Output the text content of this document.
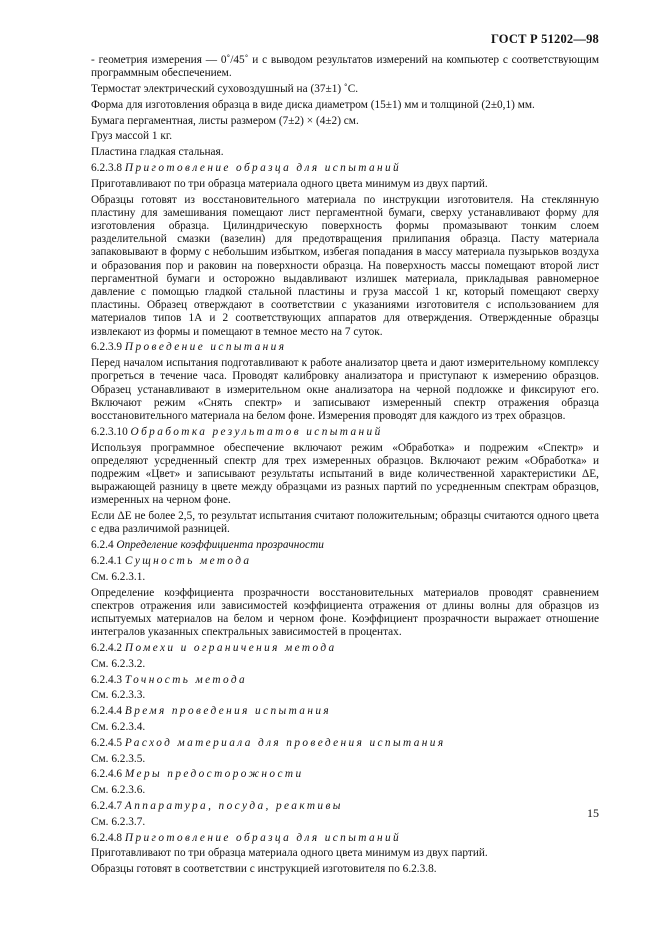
ГОСТ Р 51202—98

- геометрия измерения — 0˚/45˚ и с выводом результатов измерений на компьютер с соответствующим программным обеспечением.

Термостат электрический суховоздушный на (37±1) ˚С.

Форма для изготовления образца в виде диска диаметром (15±1) мм и толщиной (2±0,1) мм.

Бумага пергаментная, листы размером (7±2) × (4±2) см.

Груз массой 1 кг.

Пластина гладкая стальная.

6.2.3.8 Приготовление образца для испытаний

Приготавливают по три образца материала одного цвета минимум из двух партий.

Образцы готовят из восстановительного материала по инструкции изготовителя. На стеклянную пластину для замешивания помещают лист пергаментной бумаги, сверху устанавливают форму для изготовления образца. Цилиндрическую поверхность формы промазывают тонким слоем разделительной смазки (вазелин) для предотвращения прилипания образца. Пасту материала запаковывают в форму с небольшим избытком, избегая попадания в массу материала пузырьков воздуха и образования пор и раковин на поверхности образца. На поверхность массы помещают второй лист пергаментной бумаги и осторожно выдавливают излишек материала, прикладывая равномерное давление с помощью гладкой стальной пластины и груза массой 1 кг, который помещают сверху пластины. Образец отверждают в соответствии с указаниями изготовителя с использованием для материалов типов 1А и 2 соответствующих аппаратов для отверждения. Отвержденные образцы извлекают из формы и помещают в темное место на 7 суток.

6.2.3.9 Проведение испытания

Перед началом испытания подготавливают к работе анализатор цвета и дают измерительному комплексу прогреться в течение часа. Проводят калибровку анализатора и приступают к измерению образцов. Образец устанавливают в измерительном окне анализатора на черной подложке и фиксируют его. Включают режим «Снять спектр» и записывают измеренный спектр отражения образца восстановительного материала на белом фоне. Измерения проводят для каждого из трех образцов.

6.2.3.10 Обработка результатов испытаний

Используя программное обеспечение включают режим «Обработка» и подрежим «Спектр» и определяют усредненный спектр для трех измеренных образцов. Включают режим «Обработка» и подрежим «Цвет» и записывают результаты испытаний в виде количественной характеристики ΔE, выражающей разницу в цвете между образцами из разных партий по усредненным спектрам образцов, измеренных на черном фоне.

Если ΔE не более 2,5, то результат испытания считают положительным; образцы считаются одного цвета с едва различимой разницей.

6.2.4 Определение коэффициента прозрачности
6.2.4.1 Сущность метода
См. 6.2.3.1.

Определение коэффициента прозрачности восстановительных материалов проводят сравнением спектров отражения или зависимостей коэффициента отражения от длины волны для образцов из испытуемых материалов на белом и черном фоне. Коэффициент прозрачности выражает отношение интегралов указанных спектральных зависимостей в процентах.

6.2.4.2 Помехи и ограничения метода
См. 6.2.3.2.
6.2.4.3 Точность метода
См. 6.2.3.3.
6.2.4.4 Время проведения испытания
См. 6.2.3.4.
6.2.4.5 Расход материала для проведения испытания
См. 6.2.3.5.
6.2.4.6 Меры предосторожности
См. 6.2.3.6.
6.2.4.7 Аппаратура, посуда, реактивы
См. 6.2.3.7.
6.2.4.8 Приготовление образца для испытаний

Приготавливают по три образца материала одного цвета минимум из двух партий.

Образцы готовят в соответствии с инструкцией изготовителя по 6.2.3.8.

15
